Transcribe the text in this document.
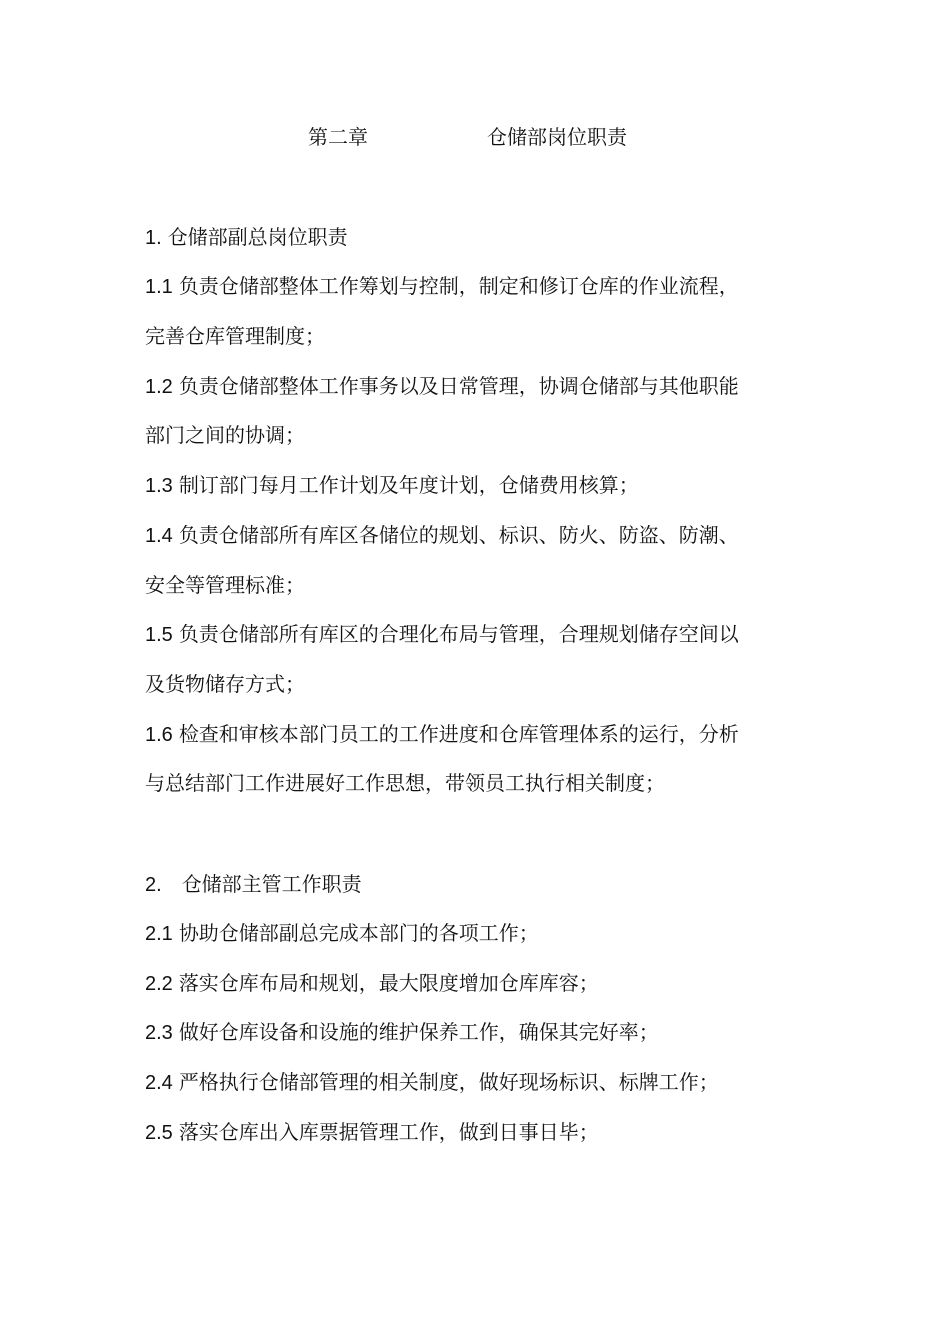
第二章	仓储部岗位职责
1. 仓储部副总岗位职责
1.1 负责仓储部整体工作筹划与控制，制定和修订仓库的作业流程，
完善仓库管理制度；
1.2 负责仓储部整体工作事务以及日常管理，协调仓储部与其他职能
部门之间的协调；
1.3 制订部门每月工作计划及年度计划，仓储费用核算；
1.4 负责仓储部所有库区各储位的规划、标识、防火、防盗、防潮、
安全等管理标准；
1.5 负责仓储部所有库区的合理化布局与管理，合理规划储存空间以
及货物储存方式；
1.6 检查和审核本部门员工的工作进度和仓库管理体系的运行，分析
与总结部门工作进展好工作思想，带领员工执行相关制度；
2. 仓储部主管工作职责
2.1 协助仓储部副总完成本部门的各项工作；
2.2 落实仓库布局和规划，最大限度增加仓库库容；
2.3 做好仓库设备和设施的维护保养工作，确保其完好率；
2.4 严格执行仓储部管理的相关制度，做好现场标识、标牌工作；
2.5 落实仓库出入库票据管理工作，做到日事日毕；
